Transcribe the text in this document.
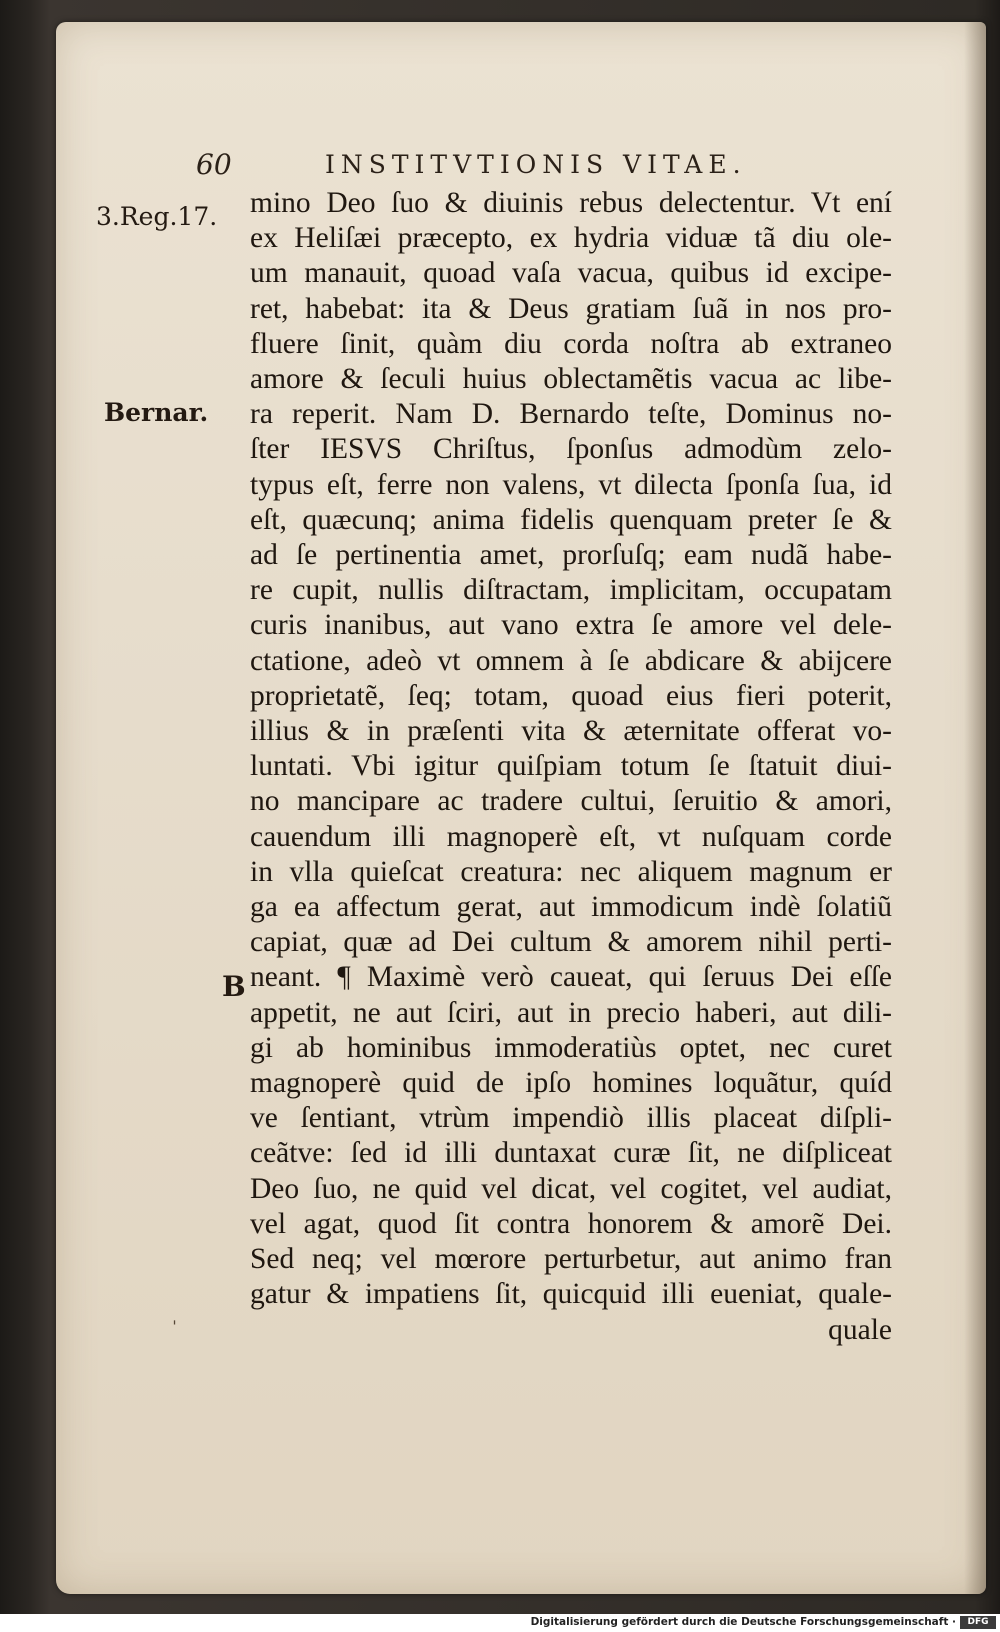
60	INSTITVTIONIS VITAE.
3.Reg.17.
Bernar.
B
ˈ
mino Deo ſuo & diuinis rebus delectentur. Vt ení
ex Heliſæi præcepto, ex hydria viduæ tã diu ole-
um manauit, quoad vaſa vacua, quibus id excipe-
ret, habebat: ita & Deus gratiam ſuã in nos pro-
fluere ſinit, quàm diu corda noſtra ab extraneo
amore & ſeculi huius oblectamẽtis vacua ac libe-
ra reperit. Nam D. Bernardo teſte, Dominus no-
ſter IESVS Chriſtus, ſponſus admodùm zelo-
typus eſt, ferre non valens, vt dilecta ſponſa ſua, id
eſt, quæcunq; anima fidelis quenquam preter ſe &
ad ſe pertinentia amet, prorſuſq; eam nudã habe-
re cupit, nullis diſtractam, implicitam, occupatam
curis inanibus, aut vano extra ſe amore vel dele-
ctatione, adeò vt omnem à ſe abdicare & abijcere
proprietatẽ, ſeq; totam, quoad eius fieri poterit,
illius & in præſenti vita & æternitate offerat vo-
luntati. Vbi igitur quiſpiam totum ſe ſtatuit diui-
no mancipare ac tradere cultui, ſeruitio & amori,
cauendum illi magnoperè eſt, vt nuſquam corde
in vlla quieſcat creatura: nec aliquem magnum er
ga ea affectum gerat, aut immodicum indè ſolatiũ
capiat, quæ ad Dei cultum & amorem nihil perti-
neant. ¶ Maximè verò caueat, qui ſeruus Dei eſſe
appetit, ne aut ſciri, aut in precio haberi, aut dili-
gi ab hominibus immoderatiùs optet, nec curet
magnoperè quid de ipſo homines loquãtur, quíd
ve ſentiant, vtrùm impendiò illis placeat diſpli-
ceãtve: ſed id illi duntaxat curæ ſit, ne diſpliceat
Deo ſuo, ne quid vel dicat, vel cogitet, vel audiat,
vel agat, quod ſit contra honorem & amorẽ Dei.
Sed neq; vel mœrore perturbetur, aut animo fran
gatur & impatiens ſit, quicquid illi eueniat, quale-
quale
Digitalisierung gefördert durch die Deutsche Forschungsgemeinschaft ·	DFG
